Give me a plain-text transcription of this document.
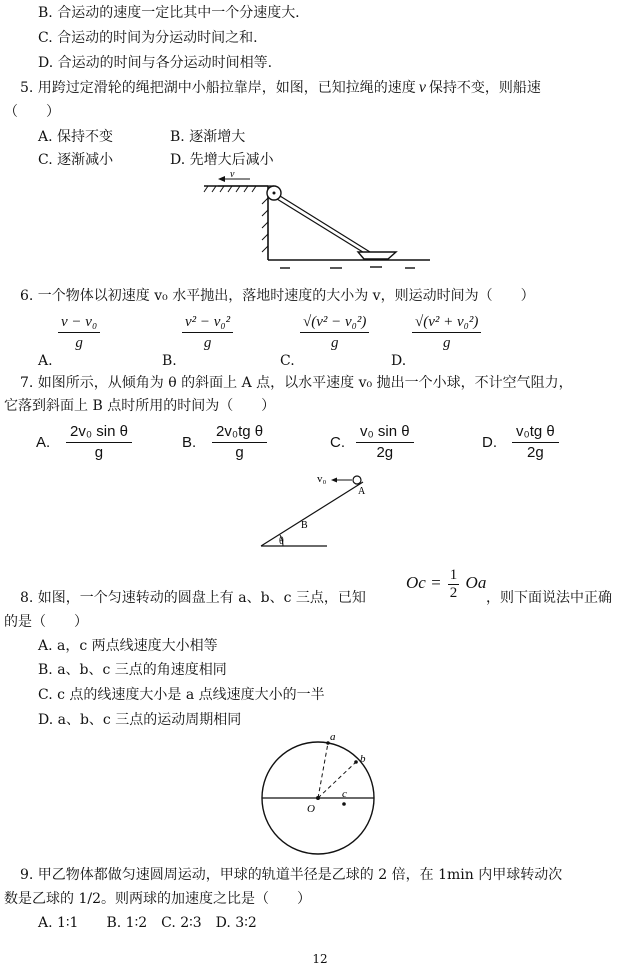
B. 合运动的速度一定比其中一个分速度大.
C. 合运动的时间为分运动时间之和.
D. 合运动的时间与各分运动时间相等.
5. 用跨过定滑轮的绳把湖中小船拉靠岸，如图，已知拉绳的速度 v 保持不变，则船速
（　　）
A. 保持不变	B. 逐渐增大
C. 逐渐减小	D. 先增大后减小
v
6. 一个物体以初速度 v₀ 水平抛出，落地时速度的大小为 v，则运动时间为（　　）
$\frac{\text{v − v₀}}{g}$	$\frac{\text{v² − v₀²}}{g}$	$\frac{\text{√(v² − v₀²)}}{g}$	$\frac{\text{√(v² + v₀²)}}{g}$
A.	B.	C.	D.
7. 如图所示，从倾角为 θ 的斜面上 A 点，以水平速度 v₀ 抛出一个小球，不计空气阻力，
它落到斜面上 B 点时所用的时间为（　　）
A. $\frac{\text{2v₀ sin θ}}{g}$	B. $\frac{\text{2v₀tg θ}}{g}$	C. $\frac{\text{v₀ sin θ}}{2g}$	D. $\frac{\text{v₀tg θ}}{2g}$
v₀
A
B
θ
$Oc = \frac{1}{2}$ Oa
8. 如图，一个匀速转动的圆盘上有 a、b、c 三点，已知	，则下面说法中正确
的是（　　）
A. a，c 两点线速度大小相等
B. a、b、c 三点的角速度相同
C. c 点的线速度大小是 a 点线速度大小的一半
D. a、b、c 三点的运动周期相同
a
b
c
O
9. 甲乙物体都做匀速圆周运动，甲球的轨道半径是乙球的 2 倍，在 1min 内甲球转动次
数是乙球的 1/2。则两球的加速度之比是（　　）
A. 1∶1　　B. 1∶2　C. 2∶3　D. 3∶2
12
